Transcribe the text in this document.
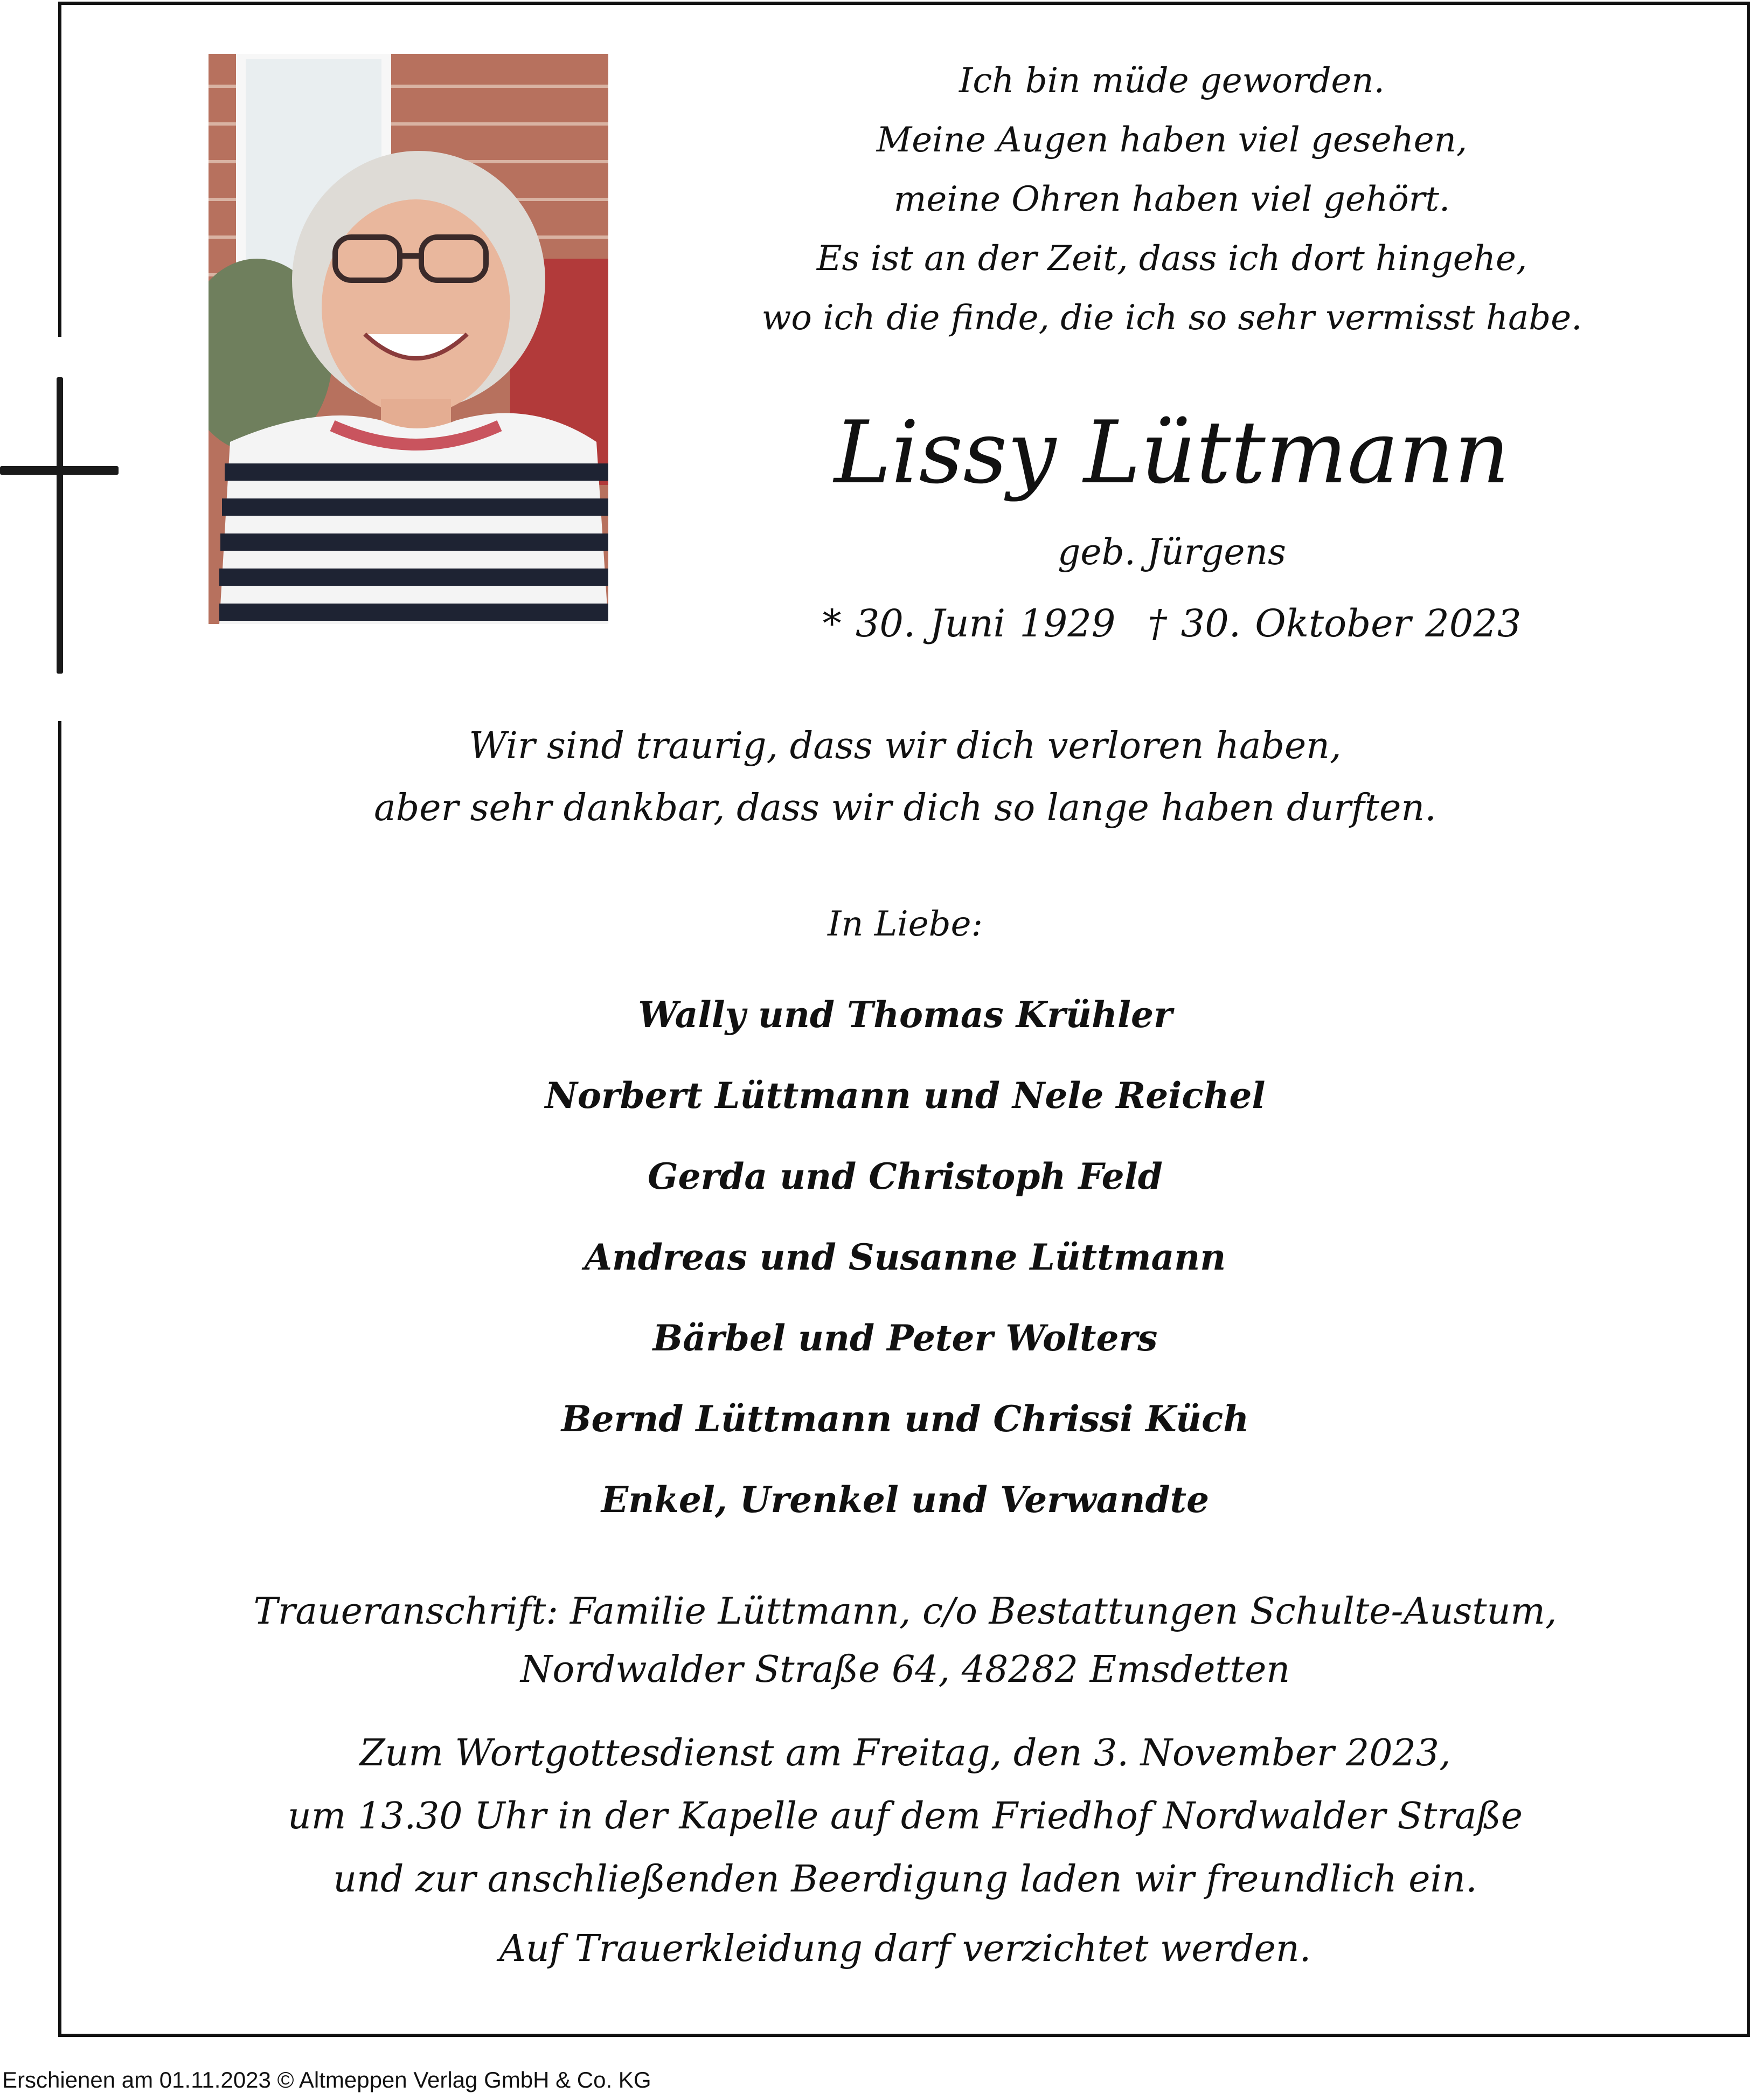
Ich bin müde geworden.
Meine Augen haben viel gesehen,
meine Ohren haben viel gehört.
Es ist an der Zeit, dass ich dort hingehe,
wo ich die finde, die ich so sehr vermisst habe.
Lissy Lüttmann
geb. Jürgens
* 30. Juni 1929 † 30. Oktober 2023
Wir sind traurig, dass wir dich verloren haben,
aber sehr dankbar, dass wir dich so lange haben durften.
In Liebe:
Wally und Thomas Krühler
Norbert Lüttmann und Nele Reichel
Gerda und Christoph Feld
Andreas und Susanne Lüttmann
Bärbel und Peter Wolters
Bernd Lüttmann und Chrissi Küch
Enkel, Urenkel und Verwandte
Traueranschrift: Familie Lüttmann, c/o Bestattungen Schulte-Austum,
Nordwalder Straße 64, 48282 Emsdetten
Zum Wortgottesdienst am Freitag, den 3. November 2023,
um 13.30 Uhr in der Kapelle auf dem Friedhof Nordwalder Straße
und zur anschließenden Beerdigung laden wir freundlich ein.
Auf Trauerkleidung darf verzichtet werden.
Erschienen am 01.11.2023 © Altmeppen Verlag GmbH & Co. KG
